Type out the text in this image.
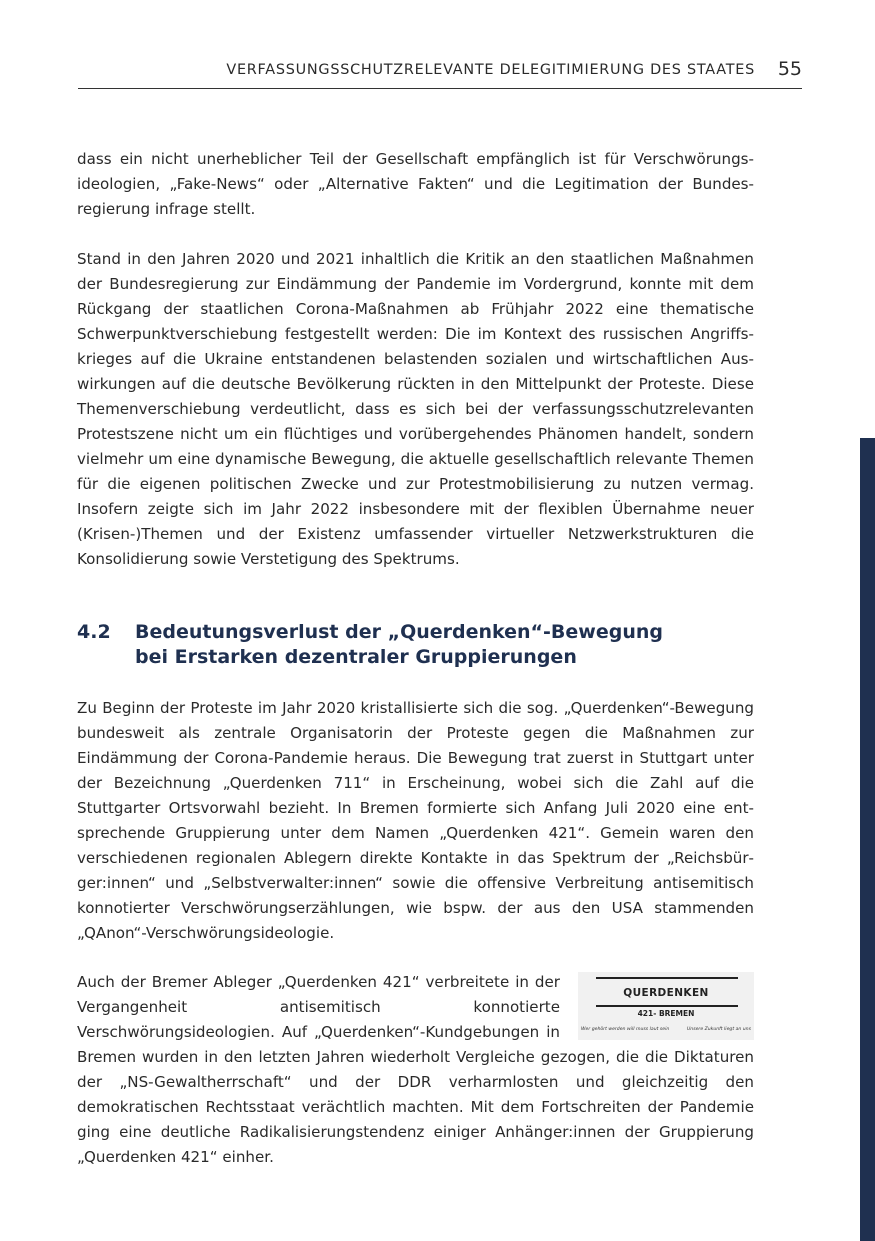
VERFASSUNGSSCHUTZRELEVANTE DELEGITIMIERUNG DES STAATES 55

dass ein nicht unerheblicher Teil der Gesellschaft empfänglich ist für Verschwörungsideologien, „Fake-News“ oder „Alternative Fakten“ und die Legitimation der Bundesregierung infrage stellt.

Stand in den Jahren 2020 und 2021 inhaltlich die Kritik an den staatlichen Maßnahmen der Bundesregierung zur Eindämmung der Pandemie im Vordergrund, konnte mit dem Rückgang der staatlichen Corona-Maßnahmen ab Frühjahr 2022 eine thematische Schwerpunktverschiebung festgestellt werden: Die im Kontext des russischen Angriffskrieges auf die Ukraine entstandenen belastenden sozialen und wirtschaftlichen Auswirkungen auf die deutsche Bevölkerung rückten in den Mittelpunkt der Proteste. Diese Themenverschiebung verdeutlicht, dass es sich bei der verfassungsschutzrelevanten Protestszene nicht um ein flüchtiges und vorübergehendes Phänomen handelt, sondern vielmehr um eine dynamische Bewegung, die aktuelle gesellschaftlich relevante Themen für die eigenen politischen Zwecke und zur Protestmobilisierung zu nutzen vermag. Insofern zeigte sich im Jahr 2022 insbesondere mit der flexiblen Übernahme neuer (Krisen-)Themen und der Existenz umfassender virtueller Netzwerkstrukturen die Konsolidierung sowie Verstetigung des Spektrums.

4.2 Bedeutungsverlust der „Querdenken“-Bewegung
bei Erstarken dezentraler Gruppierungen

Zu Beginn der Proteste im Jahr 2020 kristallisierte sich die sog. „Querdenken“-Bewegung bundesweit als zentrale Organisatorin der Proteste gegen die Maßnahmen zur Eindämmung der Corona-Pandemie heraus. Die Bewegung trat zuerst in Stuttgart unter der Bezeichnung „Querdenken 711“ in Erscheinung, wobei sich die Zahl auf die Stuttgarter Ortsvorwahl bezieht. In Bremen formierte sich Anfang Juli 2020 eine entsprechende Gruppierung unter dem Namen „Querdenken 421“. Gemein waren den verschiedenen regionalen Ablegern direkte Kontakte in das Spektrum der „Reichsbürger:innen“ und „Selbstverwalter:innen“ sowie die offensive Verbreitung antisemitisch konnotierter Verschwörungserzählungen, wie bspw. der aus den USA stammenden „QAnon“-Verschwörungsideologie.

QUERDENKEN
421- BREMEN
Wer gehört werden will muss laut sein	Unsere Zukunft liegt an uns
Auch der Bremer Ableger „Querdenken 421“ verbreitete in der Vergangenheit antisemitisch konnotierte Verschwörungsideologien. Auf „Querdenken“-Kundgebungen in Bremen wurden in den letzten Jahren wiederholt Vergleiche gezogen, die die Diktaturen der „NS-Gewaltherrschaft“ und der DDR verharmlosten und gleichzeitig den demokratischen Rechtsstaat verächtlich machten. Mit dem Fortschreiten der Pandemie ging eine deutliche Radikalisierungstendenz einiger Anhänger:innen der Gruppierung „Querdenken 421“ einher.
